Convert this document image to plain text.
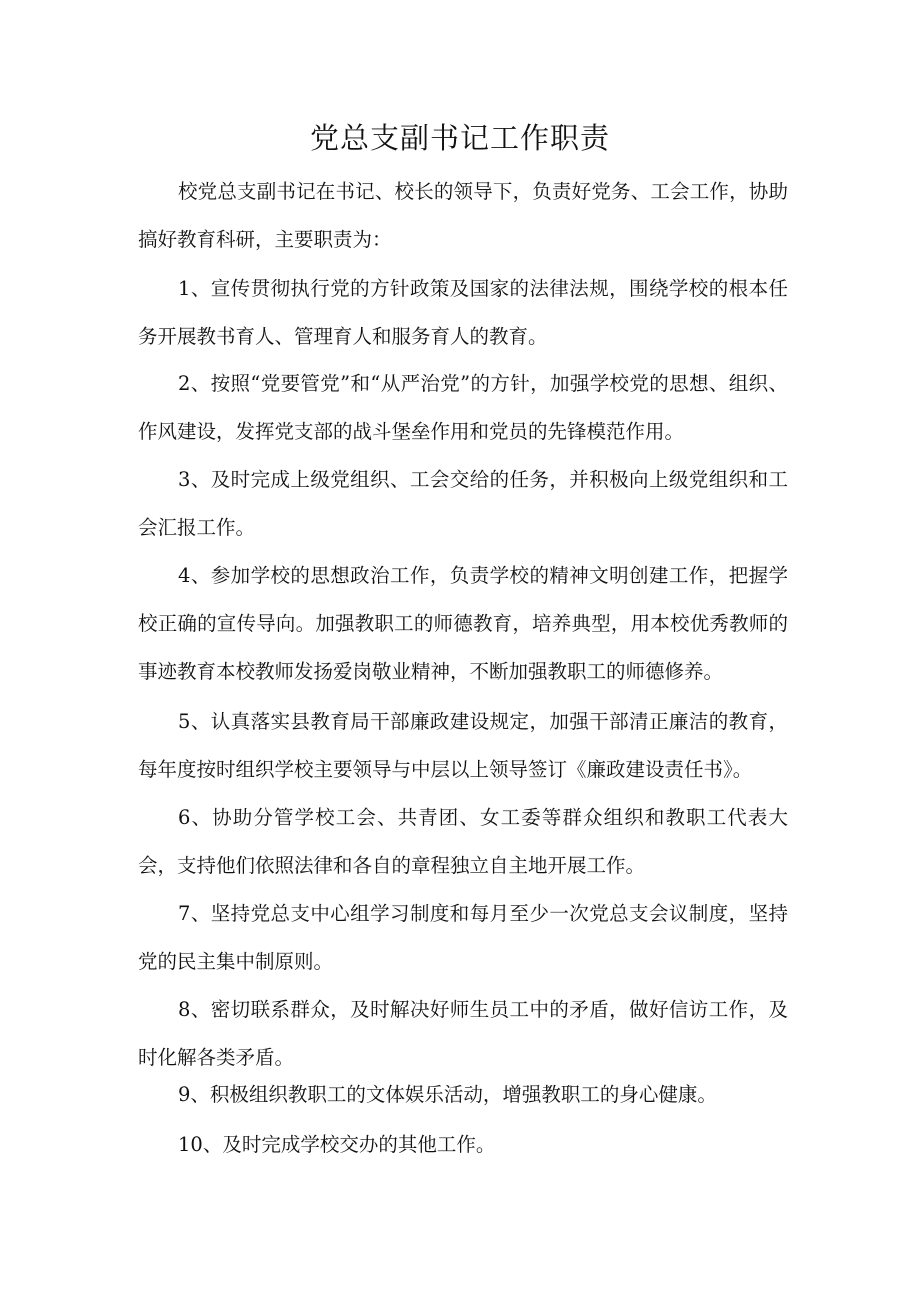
党总支副书记工作职责

校党总支副书记在书记、校长的领导下，负责好党务、工会工作，协助搞好教育科研，主要职责为：

1、宣传贯彻执行党的方针政策及国家的法律法规，围绕学校的根本任务开展教书育人、管理育人和服务育人的教育。

2、按照“党要管党”和“从严治党”的方针，加强学校党的思想、组织、作风建设，发挥党支部的战斗堡垒作用和党员的先锋模范作用。

3、及时完成上级党组织、工会交给的任务，并积极向上级党组织和工会汇报工作。

4、参加学校的思想政治工作，负责学校的精神文明创建工作，把握学校正确的宣传导向。加强教职工的师德教育，培养典型，用本校优秀教师的事迹教育本校教师发扬爱岗敬业精神，不断加强教职工的师德修养。

5、认真落实县教育局干部廉政建设规定，加强干部清正廉洁的教育，每年度按时组织学校主要领导与中层以上领导签订《廉政建设责任书》。

6、协助分管学校工会、共青团、女工委等群众组织和教职工代表大会，支持他们依照法律和各自的章程独立自主地开展工作。

7、坚持党总支中心组学习制度和每月至少一次党总支会议制度，坚持党的民主集中制原则。

8、密切联系群众，及时解决好师生员工中的矛盾，做好信访工作，及时化解各类矛盾。

9、积极组织教职工的文体娱乐活动，增强教职工的身心健康。

10、及时完成学校交办的其他工作。
